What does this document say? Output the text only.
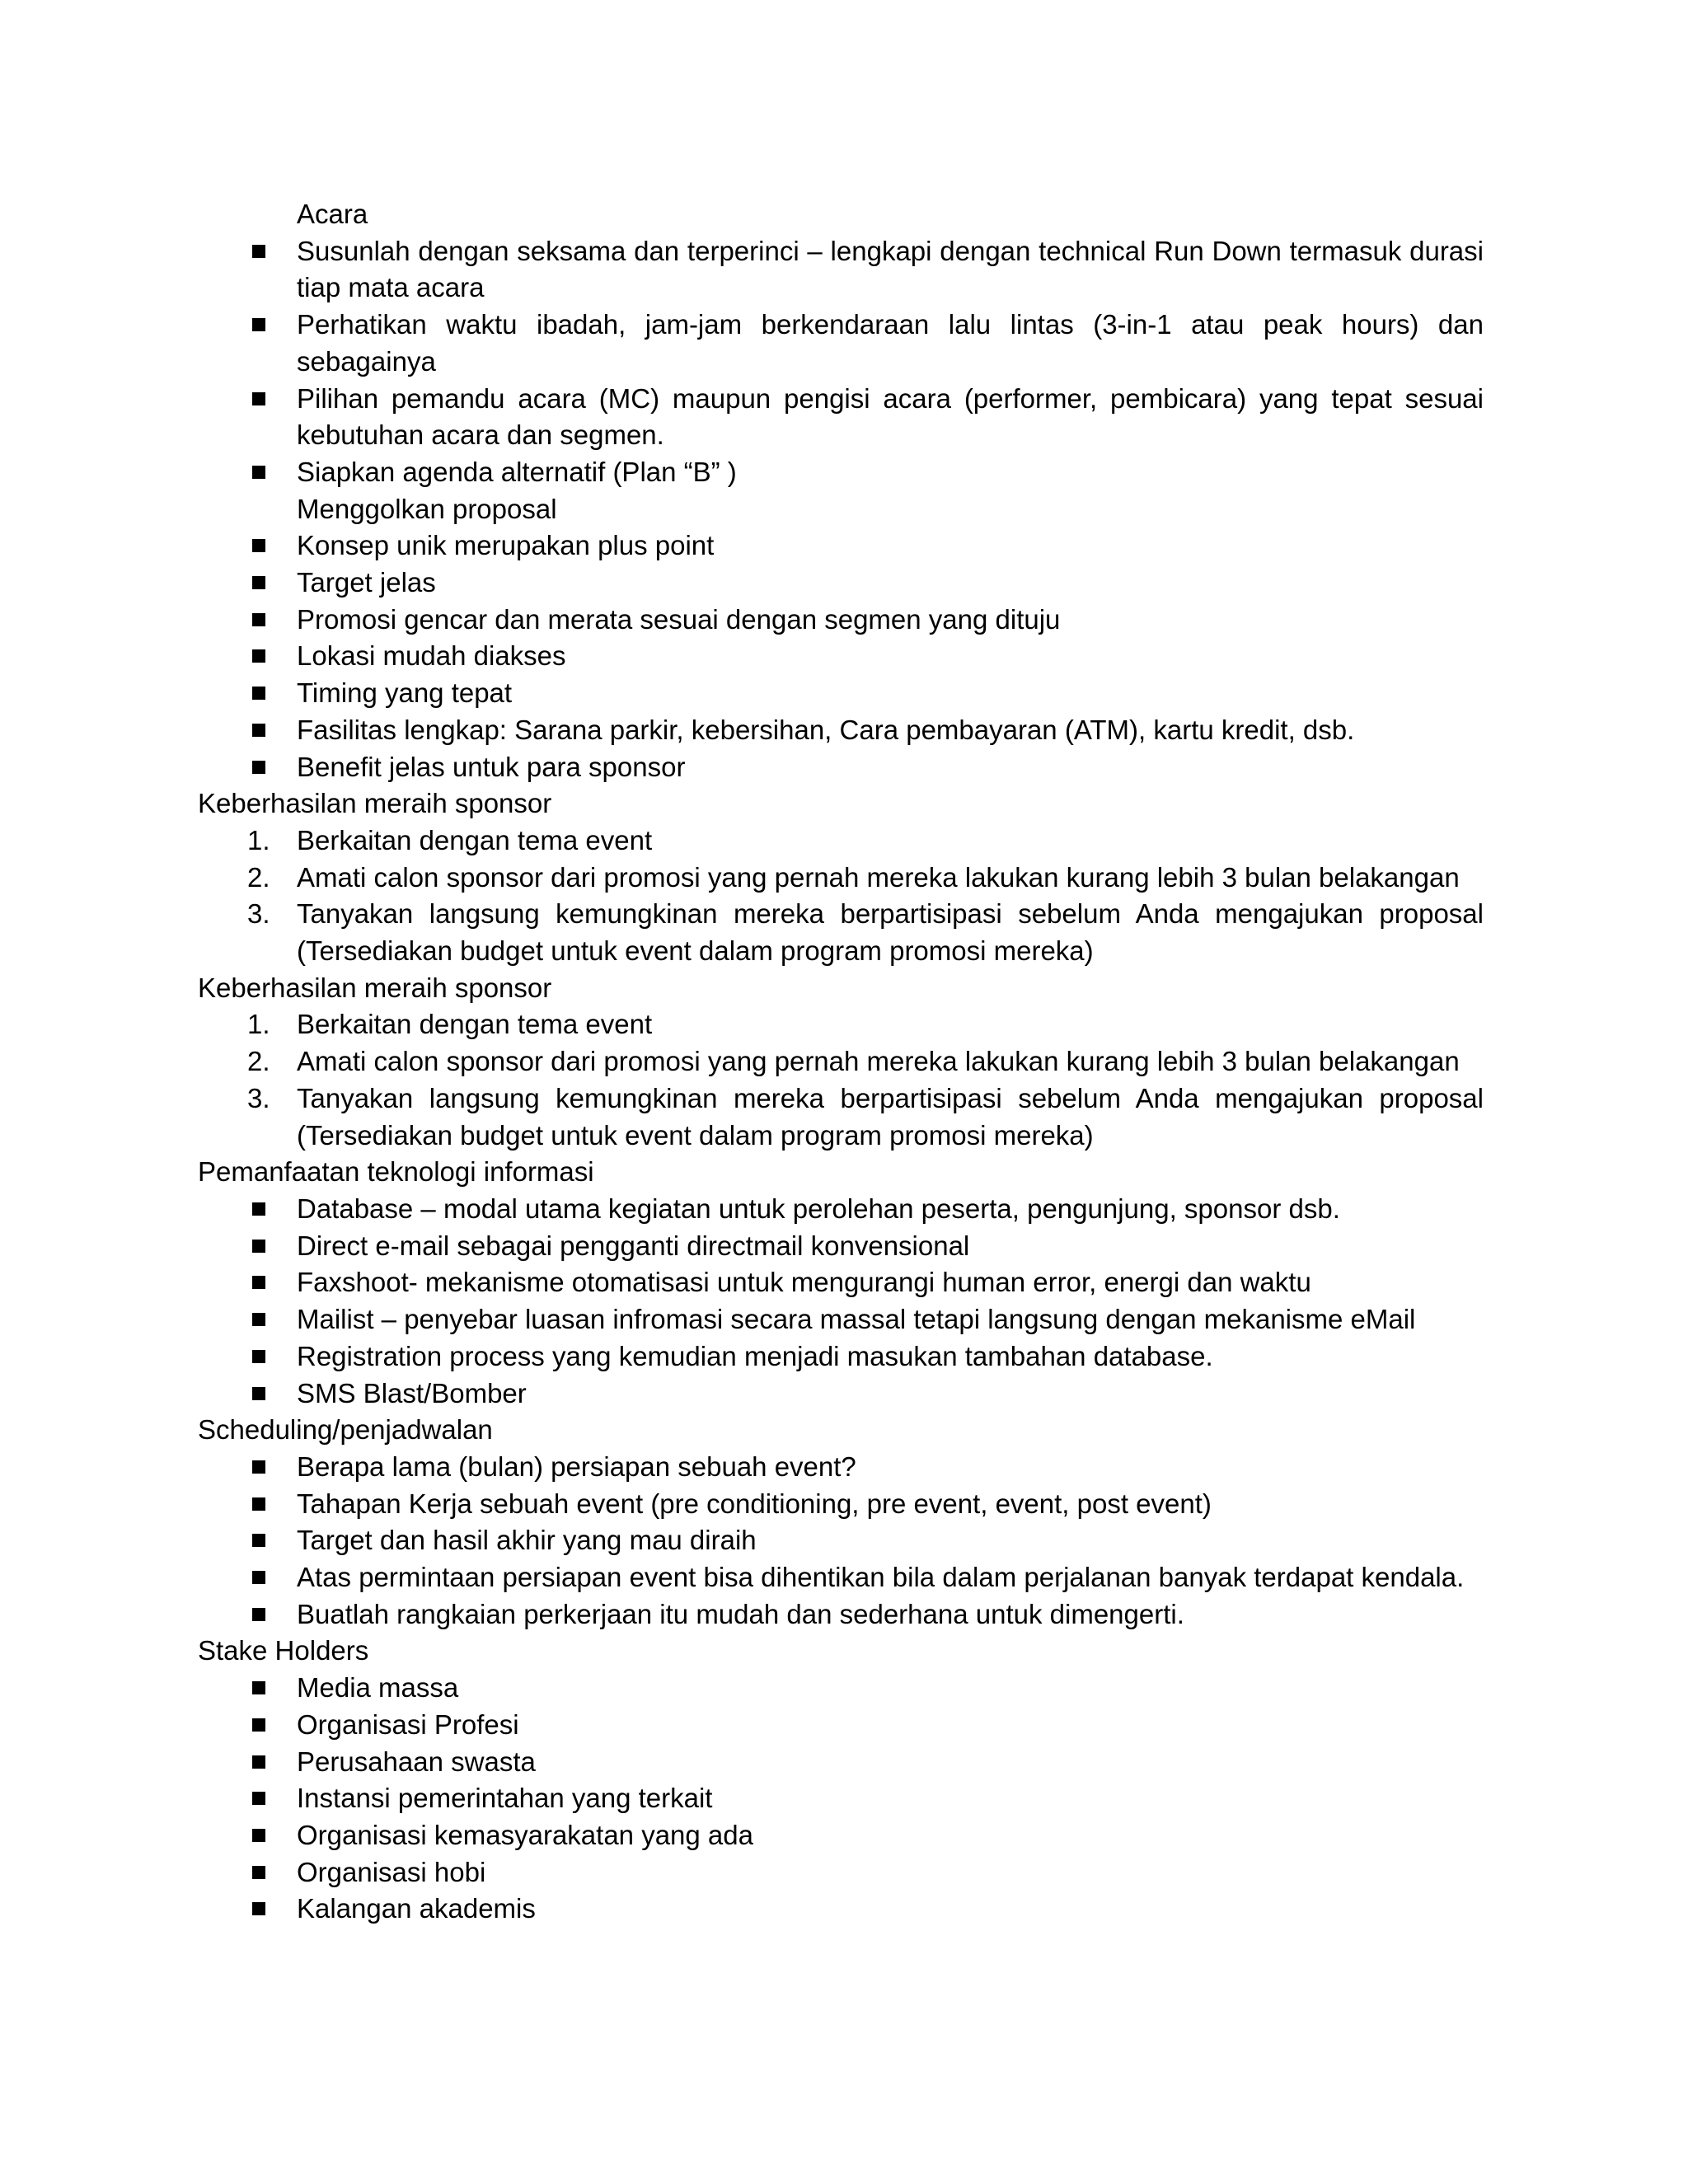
Acara
Susunlah dengan seksama dan terperinci – lengkapi dengan technical Run Down termasuk durasi tiap mata acara
Perhatikan waktu ibadah, jam-jam berkendaraan lalu lintas (3-in-1 atau peak hours) dan sebagainya
Pilihan pemandu acara (MC) maupun pengisi acara (performer, pembicara) yang tepat sesuai kebutuhan acara dan segmen.
Siapkan agenda alternatif (Plan “B” )
Menggolkan proposal
Konsep unik merupakan plus point
Target jelas
Promosi gencar dan merata sesuai dengan segmen yang dituju
Lokasi mudah diakses
Timing yang tepat
Fasilitas lengkap: Sarana parkir, kebersihan, Cara pembayaran (ATM), kartu kredit, dsb.
Benefit jelas untuk para sponsor
Keberhasilan meraih sponsor
1. Berkaitan dengan tema event
2. Amati calon sponsor dari promosi yang pernah mereka lakukan kurang lebih 3 bulan belakangan
3. Tanyakan langsung kemungkinan mereka berpartisipasi sebelum Anda mengajukan proposal (Tersediakan budget untuk event dalam program promosi mereka)
Keberhasilan meraih sponsor
1. Berkaitan dengan tema event
2. Amati calon sponsor dari promosi yang pernah mereka lakukan kurang lebih 3 bulan belakangan
3. Tanyakan langsung kemungkinan mereka berpartisipasi sebelum Anda mengajukan proposal (Tersediakan budget untuk event dalam program promosi mereka)
Pemanfaatan teknologi informasi
Database – modal utama kegiatan untuk perolehan peserta, pengunjung, sponsor dsb.
Direct e-mail sebagai pengganti directmail konvensional
Faxshoot- mekanisme otomatisasi untuk mengurangi human error, energi dan waktu
Mailist – penyebar luasan infromasi secara massal tetapi langsung dengan mekanisme eMail
Registration process yang kemudian menjadi masukan tambahan database.
SMS Blast/Bomber
Scheduling/penjadwalan
Berapa lama (bulan) persiapan sebuah event?
Tahapan Kerja sebuah event (pre conditioning, pre event, event, post event)
Target dan hasil akhir yang mau diraih
Atas permintaan persiapan event bisa dihentikan bila dalam perjalanan banyak terdapat kendala.
Buatlah rangkaian perkerjaan itu mudah dan sederhana untuk dimengerti.
Stake Holders
Media massa
Organisasi Profesi
Perusahaan swasta
Instansi pemerintahan yang terkait
Organisasi kemasyarakatan yang ada
Organisasi hobi
Kalangan akademis
